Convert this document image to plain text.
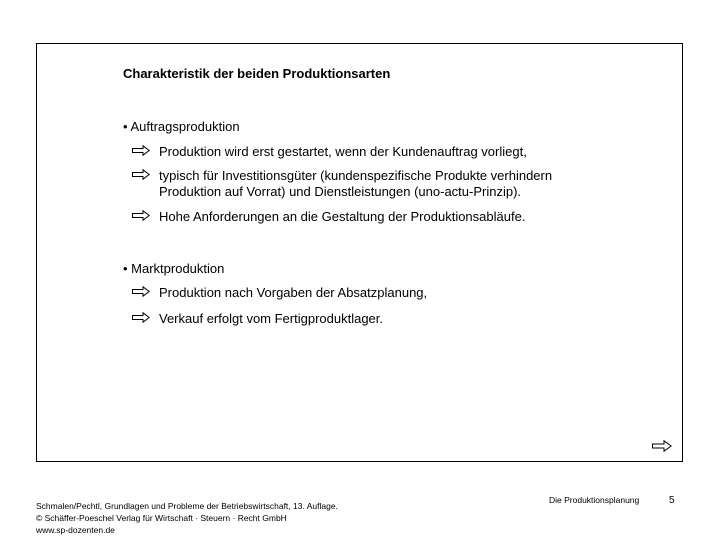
Charakteristik der beiden Produktionsarten
• Auftragsproduktion
Produktion wird erst gestartet, wenn der Kundenauftrag vorliegt,
typisch für Investitionsgüter (kundenspezifische Produkte verhindern
Produktion auf Vorrat) und Dienstleistungen (uno-actu-Prinzip).
Hohe Anforderungen an die Gestaltung der Produktionsabläufe.
• Marktproduktion
Produktion nach Vorgaben der Absatzplanung,
Verkauf erfolgt vom Fertigproduktlager.
Schmalen/Pechtl, Grundlagen und Probleme der Betriebswirtschaft, 13. Auflage.
© Schäffer-Poeschel Verlag für Wirtschaft · Steuern · Recht GmbH
www.sp-dozenten.de
Die Produktionsplanung	5
